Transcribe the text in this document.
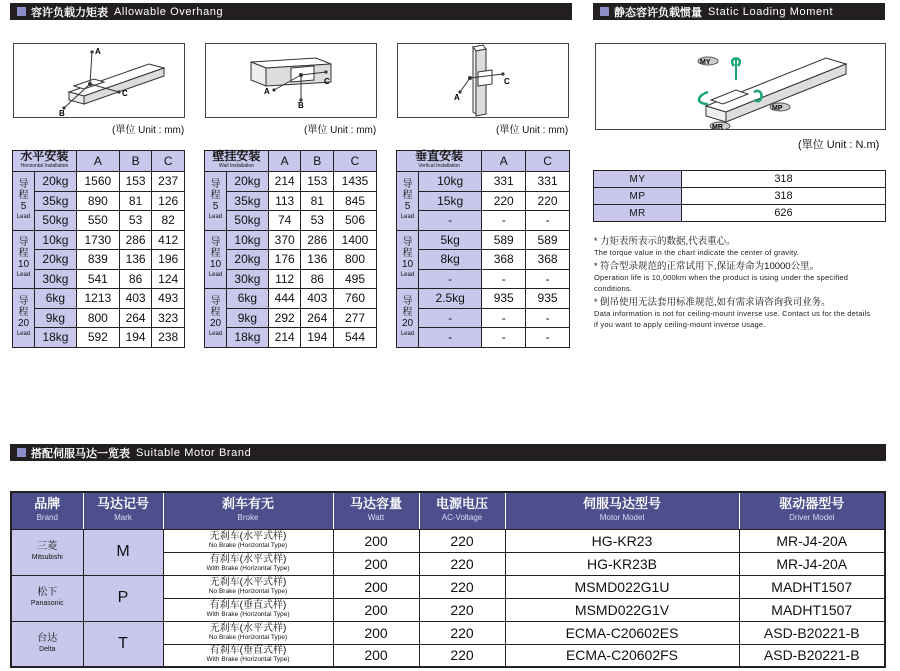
容许负载力矩表 Allowable Overhang	静态容许负载惯量 Static Loading Moment
搭配伺服马达一览表 Suitable Motor Brand
A
C
B
(單位 Unit : mm)
A
C
B
(單位 Unit : mm)
A
C
(單位 Unit : mm)
MY
MP
MR
(單位 Unit : N.m)
水平安装
Horizontal Installation		A	B	C
导
程
5
Lead	20kg	1560	153	237
	35kg	890	81	126
	50kg	550	53	82
导
程
10
Lead	10kg	1730	286	412
	20kg	839	136	196
	30kg	541	86	124
导
程
20
Lead	6kg	1213	403	493
	9kg	800	264	323
	18kg	592	194	238
壁挂安装
Wall Installation		A	B	C
导
程
5
Lead	20kg	214	153	1435
	35kg	113	81	845
	50kg	74	53	506
导
程
10
Lead	10kg	370	286	1400
	20kg	176	136	800
	30kg	112	86	495
导
程
20
Lead	6kg	444	403	760
	9kg	292	264	277
	18kg	214	194	544
垂直安装
Vertical Installation		A	C
导
程
5
Lead	10kg	331	331
	15kg	220	220
	-	-	-
导
程
10
Lead	5kg	589	589
	8kg	368	368
	-	-	-
导
程
20
Lead	2.5kg	935	935
	-	-	-
	-	-	-
MY	318
MP	318
MR	626

* 力矩表所表示的数据,代表重心。
The torque value in the chart indicate the center of gravity.

* 符合型录规范的正常试用下,保证寿命为10000公里。
Operation life is 10,000km when the product is using under the specified conditions.

* 倒吊使用无法套用标准规范,如有需求请咨询我司业务。
Data information is not for ceiling-mount inverse use. Contact us for the details if you want to apply ceiling-mount inverse usage.

品牌
Brand	马达记号
Mark	刹车有无
Broke	马达容量
Watt	电源电压
AC-Voltage	伺服马达型号
Motor Model	驱动器型号
Driver Model

三菱
Mitsubishi	M	无刹车(水平式样)
No Brake (Horizontal Type)	200	220	HG-KR23	MR-J4-20A
		有刹车(水平式样)
With Brake (Horizontal Type)	200	220	HG-KR23B	MR-J4-20A
松下
Panasonic	P	无刹车(水平式样)
No Brake (Horizontal Type)	200	220	MSMD022G1U	MADHT1507
		有刹车(垂直式样)
With Brake (Horizontal Type)	200	220	MSMD022G1V	MADHT1507
台达
Delta	T	无刹车(水平式样)
No Brake (Horizontal Type)	200	220	ECMA-C20602ES	ASD-B20221-B
		有刹车(垂直式样)
With Brake (Horizontal Type)	200	220	ECMA-C20602FS	ASD-B20221-B
